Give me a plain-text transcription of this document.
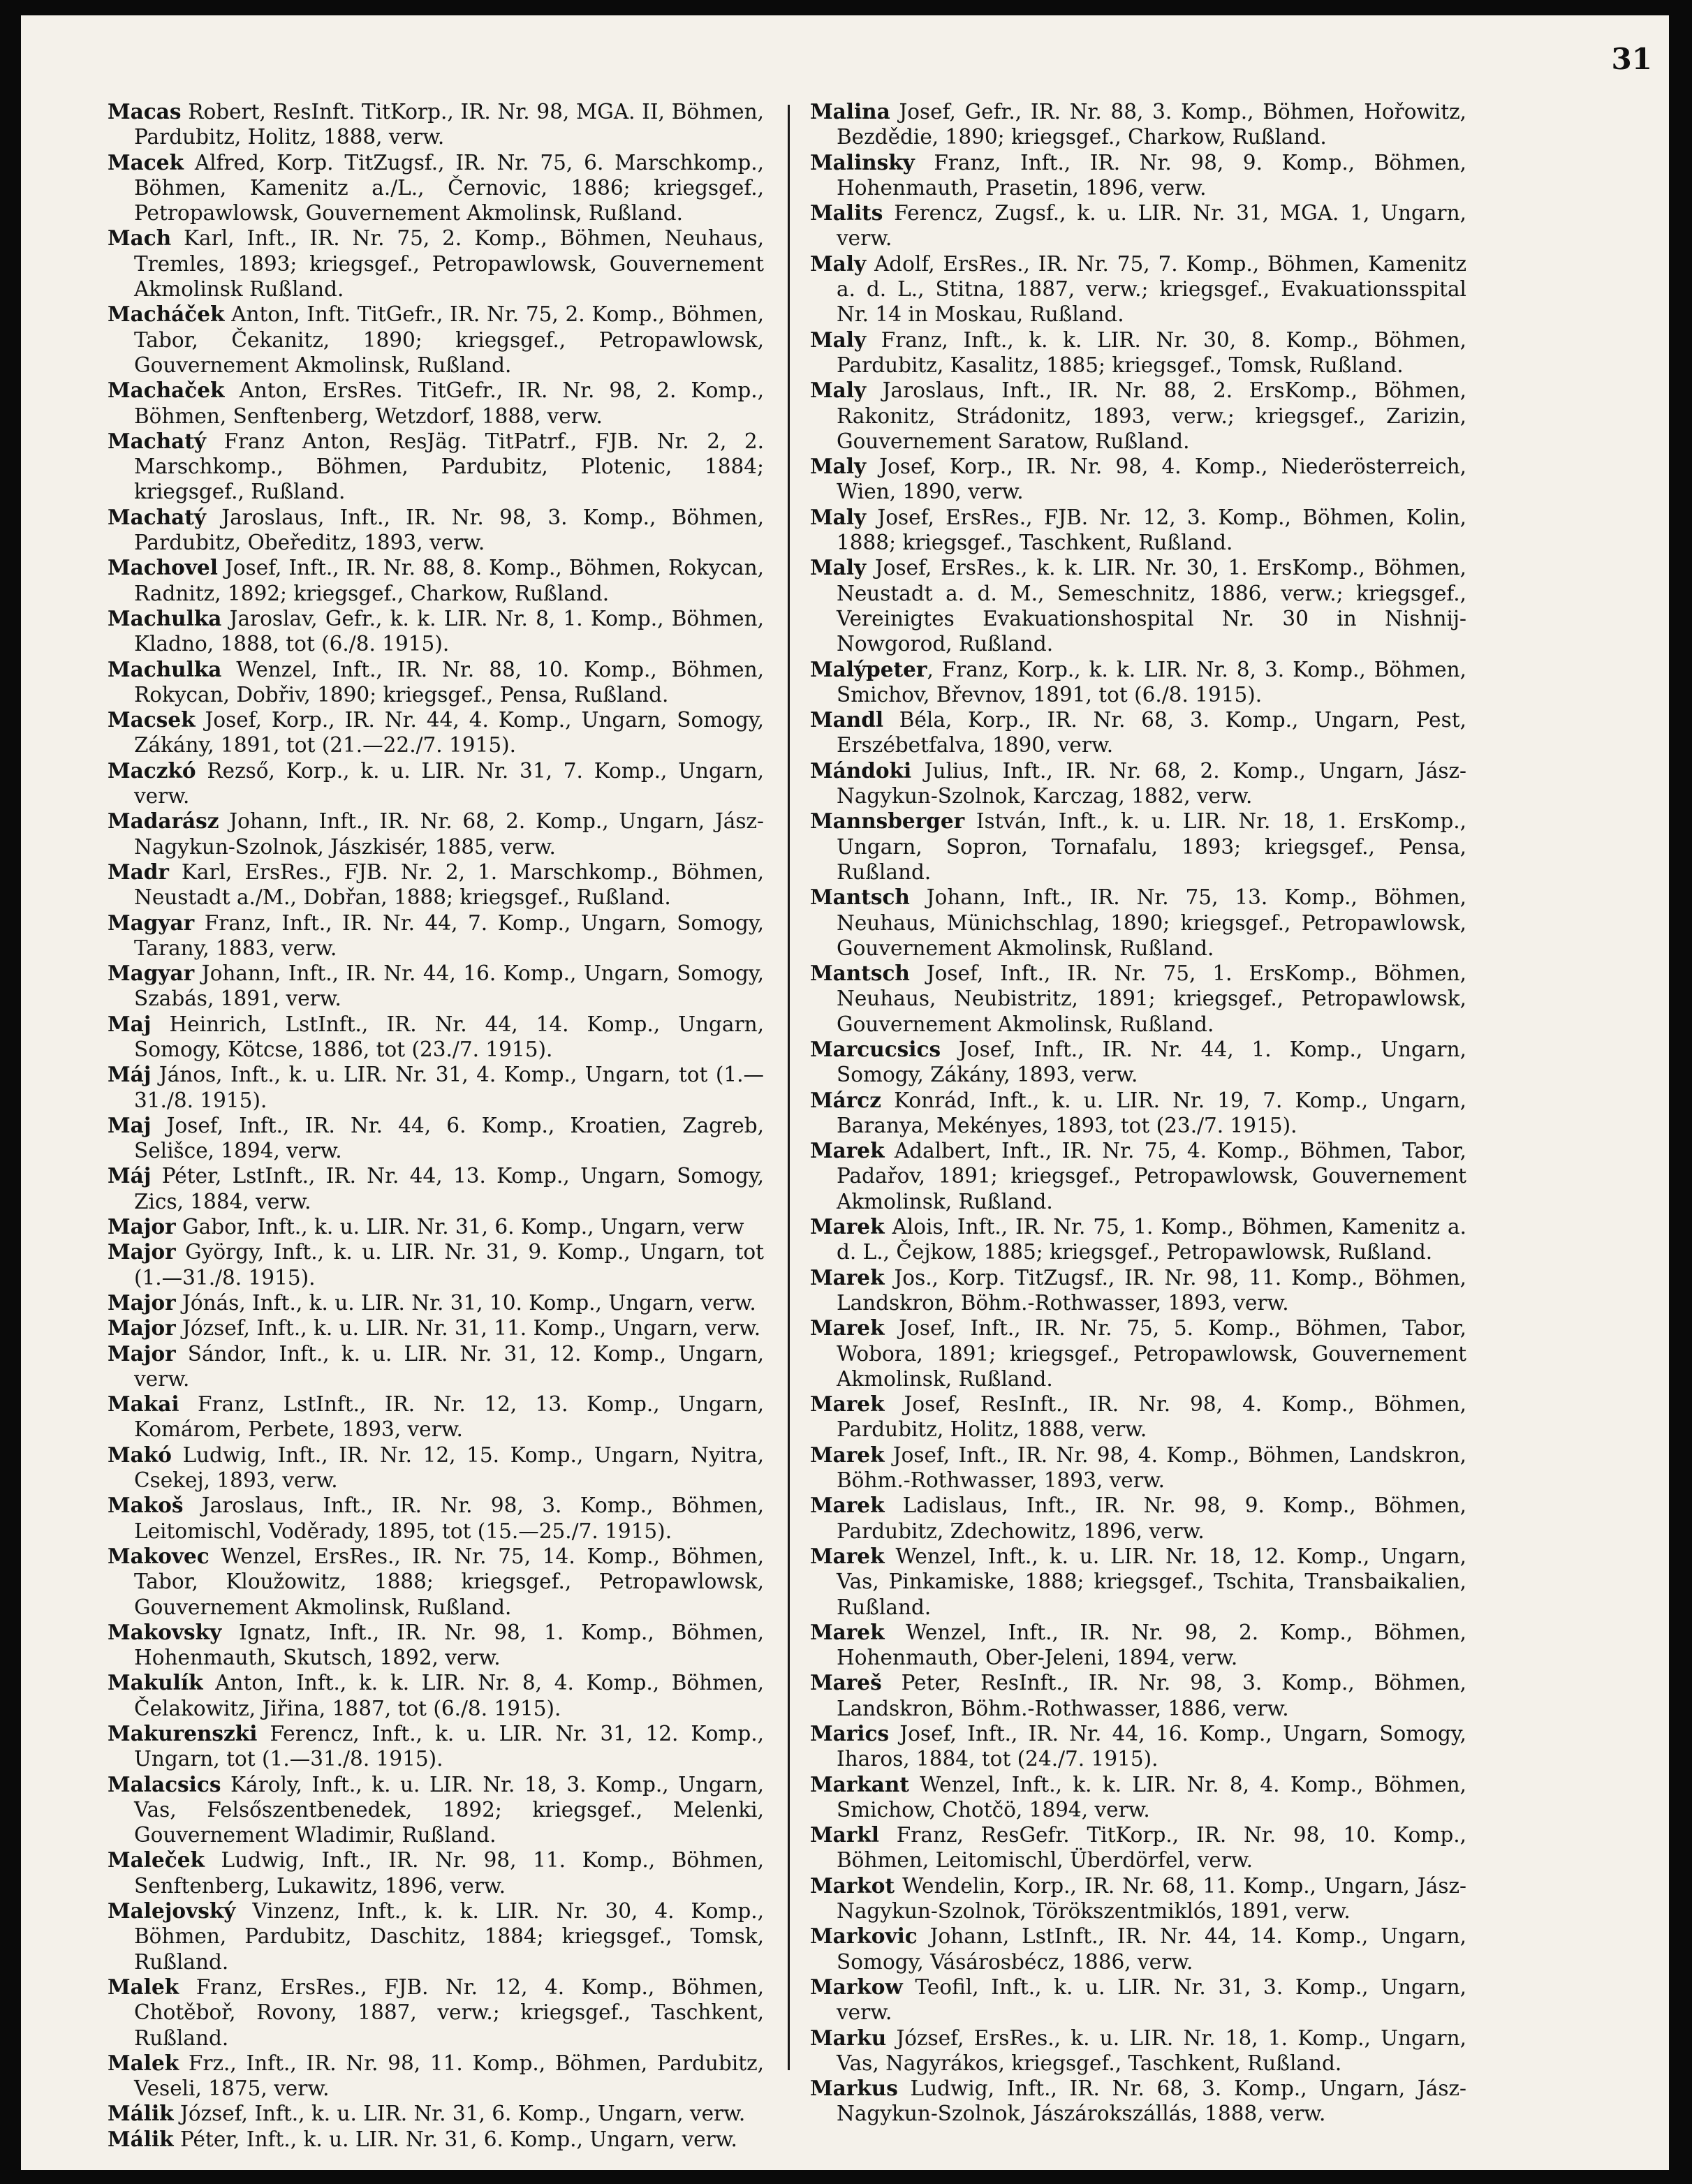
31

Macas Robert, ResInft. TitKorp., IR. Nr. 98, MGA. II, Böhmen, Pardubitz, Holitz, 1888, verw.

Macek Alfred, Korp. TitZugsf., IR. Nr. 75, 6. Marschkomp., Böhmen, Kamenitz a./L., Černovic, 1886; kriegsgef., Petropawlowsk, Gouvernement Akmolinsk, Rußland.

Mach Karl, Inft., IR. Nr. 75, 2. Komp., Böhmen, Neuhaus, Tremles, 1893; kriegsgef., Petropawlowsk, Gouvernement Akmolinsk Rußland.

Macháček Anton, Inft. TitGefr., IR. Nr. 75, 2. Komp., Böhmen, Tabor, Čekanitz, 1890; kriegsgef., Petropawlowsk, Gouvernement Akmolinsk, Rußland.

Machaček Anton, ErsRes. TitGefr., IR. Nr. 98, 2. Komp., Böhmen, Senftenberg, Wetzdorf, 1888, verw.

Machatý Franz Anton, ResJäg. TitPatrf., FJB. Nr. 2, 2. Marschkomp., Böhmen, Pardubitz, Plotenic, 1884; kriegsgef., Rußland.

Machatý Jaroslaus, Inft., IR. Nr. 98, 3. Komp., Böhmen, Pardubitz, Obeředitz, 1893, verw.

Machovel Josef, Inft., IR. Nr. 88, 8. Komp., Böhmen, Rokycan, Radnitz, 1892; kriegsgef., Charkow, Rußland.

Machulka Jaroslav, Gefr., k. k. LIR. Nr. 8, 1. Komp., Böhmen, Kladno, 1888, tot (6./8. 1915).

Machulka Wenzel, Inft., IR. Nr. 88, 10. Komp., Böhmen, Rokycan, Dobřiv, 1890; kriegsgef., Pensa, Rußland.

Macsek Josef, Korp., IR. Nr. 44, 4. Komp., Ungarn, Somogy, Zákány, 1891, tot (21.—22./7. 1915).

Maczkó Rezső, Korp., k. u. LIR. Nr. 31, 7. Komp., Ungarn, verw.

Madarász Johann, Inft., IR. Nr. 68, 2. Komp., Ungarn, Jász-Nagykun-Szolnok, Jászkisér, 1885, verw.

Madr Karl, ErsRes., FJB. Nr. 2, 1. Marschkomp., Böhmen, Neustadt a./M., Dobřan, 1888; kriegsgef., Rußland.

Magyar Franz, Inft., IR. Nr. 44, 7. Komp., Ungarn, Somogy, Tarany, 1883, verw.

Magyar Johann, Inft., IR. Nr. 44, 16. Komp., Ungarn, Somogy, Szabás, 1891, verw.

Maj Heinrich, LstInft., IR. Nr. 44, 14. Komp., Ungarn, Somogy, Kötcse, 1886, tot (23./7. 1915).

Máj János, Inft., k. u. LIR. Nr. 31, 4. Komp., Ungarn, tot (1.—31./8. 1915).

Maj Josef, Inft., IR. Nr. 44, 6. Komp., Kroatien, Zagreb, Selišce, 1894, verw.

Máj Péter, LstInft., IR. Nr. 44, 13. Komp., Ungarn, Somogy, Zics, 1884, verw.

Major Gabor, Inft., k. u. LIR. Nr. 31, 6. Komp., Ungarn, verw

Major György, Inft., k. u. LIR. Nr. 31, 9. Komp., Ungarn, tot (1.—31./8. 1915).

Major Jónás, Inft., k. u. LIR. Nr. 31, 10. Komp., Ungarn, verw.

Major József, Inft., k. u. LIR. Nr. 31, 11. Komp., Ungarn, verw.

Major Sándor, Inft., k. u. LIR. Nr. 31, 12. Komp., Ungarn, verw.

Makai Franz, LstInft., IR. Nr. 12, 13. Komp., Ungarn, Komárom, Perbete, 1893, verw.

Makó Ludwig, Inft., IR. Nr. 12, 15. Komp., Ungarn, Nyitra, Csekej, 1893, verw.

Makoš Jaroslaus, Inft., IR. Nr. 98, 3. Komp., Böhmen, Leitomischl, Voděrady, 1895, tot (15.—25./7. 1915).

Makovec Wenzel, ErsRes., IR. Nr. 75, 14. Komp., Böhmen, Tabor, Kloužowitz, 1888; kriegsgef., Petropawlowsk, Gouvernement Akmolinsk, Rußland.

Makovsky Ignatz, Inft., IR. Nr. 98, 1. Komp., Böhmen, Hohenmauth, Skutsch, 1892, verw.

Makulík Anton, Inft., k. k. LIR. Nr. 8, 4. Komp., Böhmen, Čelakowitz, Jiřina, 1887, tot (6./8. 1915).

Makurenszki Ferencz, Inft., k. u. LIR. Nr. 31, 12. Komp., Ungarn, tot (1.—31./8. 1915).

Malacsics Károly, Inft., k. u. LIR. Nr. 18, 3. Komp., Ungarn, Vas, Felsőszentbenedek, 1892; kriegsgef., Melenki, Gouvernement Wladimir, Rußland.

Maleček Ludwig, Inft., IR. Nr. 98, 11. Komp., Böhmen, Senftenberg, Lukawitz, 1896, verw.

Malejovský Vinzenz, Inft., k. k. LIR. Nr. 30, 4. Komp., Böhmen, Pardubitz, Daschitz, 1884; kriegsgef., Tomsk, Rußland.

Malek Franz, ErsRes., FJB. Nr. 12, 4. Komp., Böhmen, Chotěboř, Rovony, 1887, verw.; kriegsgef., Taschkent, Rußland.

Malek Frz., Inft., IR. Nr. 98, 11. Komp., Böhmen, Pardubitz, Veseli, 1875, verw.

Málik József, Inft., k. u. LIR. Nr. 31, 6. Komp., Ungarn, verw.

Málik Péter, Inft., k. u. LIR. Nr. 31, 6. Komp., Ungarn, verw.

Malina Josef, Gefr., IR. Nr. 88, 3. Komp., Böhmen, Hořowitz, Bezdědie, 1890; kriegsgef., Charkow, Rußland.

Malinsky Franz, Inft., IR. Nr. 98, 9. Komp., Böhmen, Hohenmauth, Prasetin, 1896, verw.

Malits Ferencz, Zugsf., k. u. LIR. Nr. 31, MGA. 1, Ungarn, verw.

Maly Adolf, ErsRes., IR. Nr. 75, 7. Komp., Böhmen, Kamenitz a. d. L., Stitna, 1887, verw.; kriegsgef., Evakuationsspital Nr. 14 in Moskau, Rußland.

Maly Franz, Inft., k. k. LIR. Nr. 30, 8. Komp., Böhmen, Pardubitz, Kasalitz, 1885; kriegsgef., Tomsk, Rußland.

Maly Jaroslaus, Inft., IR. Nr. 88, 2. ErsKomp., Böhmen, Rakonitz, Strádonitz, 1893, verw.; kriegsgef., Zarizin, Gouvernement Saratow, Rußland.

Maly Josef, Korp., IR. Nr. 98, 4. Komp., Niederösterreich, Wien, 1890, verw.

Maly Josef, ErsRes., FJB. Nr. 12, 3. Komp., Böhmen, Kolin, 1888; kriegsgef., Taschkent, Rußland.

Maly Josef, ErsRes., k. k. LIR. Nr. 30, 1. ErsKomp., Böhmen, Neustadt a. d. M., Semeschnitz, 1886, verw.; kriegsgef., Vereinigtes Evakuationshospital Nr. 30 in Nishnij-Nowgorod, Rußland.

Malýpeter, Franz, Korp., k. k. LIR. Nr. 8, 3. Komp., Böhmen, Smichov, Břevnov, 1891, tot (6./8. 1915).

Mandl Béla, Korp., IR. Nr. 68, 3. Komp., Ungarn, Pest, Erszébetfalva, 1890, verw.

Mándoki Julius, Inft., IR. Nr. 68, 2. Komp., Ungarn, Jász-Nagykun-Szolnok, Karczag, 1882, verw.

Mannsberger István, Inft., k. u. LIR. Nr. 18, 1. ErsKomp., Ungarn, Sopron, Tornafalu, 1893; kriegsgef., Pensa, Rußland.

Mantsch Johann, Inft., IR. Nr. 75, 13. Komp., Böhmen, Neuhaus, Münichschlag, 1890; kriegsgef., Petropawlowsk, Gouvernement Akmolinsk, Rußland.

Mantsch Josef, Inft., IR. Nr. 75, 1. ErsKomp., Böhmen, Neuhaus, Neubistritz, 1891; kriegsgef., Petropawlowsk, Gouvernement Akmolinsk, Rußland.

Marcucsics Josef, Inft., IR. Nr. 44, 1. Komp., Ungarn, Somogy, Zákány, 1893, verw.

Márcz Konrád, Inft., k. u. LIR. Nr. 19, 7. Komp., Ungarn, Baranya, Mekényes, 1893, tot (23./7. 1915).

Marek Adalbert, Inft., IR. Nr. 75, 4. Komp., Böhmen, Tabor, Padařov, 1891; kriegsgef., Petropawlowsk, Gouvernement Akmolinsk, Rußland.

Marek Alois, Inft., IR. Nr. 75, 1. Komp., Böhmen, Kamenitz a. d. L., Čejkow, 1885; kriegsgef., Petropawlowsk, Rußland.

Marek Jos., Korp. TitZugsf., IR. Nr. 98, 11. Komp., Böhmen, Landskron, Böhm.-Rothwasser, 1893, verw.

Marek Josef, Inft., IR. Nr. 75, 5. Komp., Böhmen, Tabor, Wobora, 1891; kriegsgef., Petropawlowsk, Gouvernement Akmolinsk, Rußland.

Marek Josef, ResInft., IR. Nr. 98, 4. Komp., Böhmen, Pardubitz, Holitz, 1888, verw.

Marek Josef, Inft., IR. Nr. 98, 4. Komp., Böhmen, Landskron, Böhm.-Rothwasser, 1893, verw.

Marek Ladislaus, Inft., IR. Nr. 98, 9. Komp., Böhmen, Pardubitz, Zdechowitz, 1896, verw.

Marek Wenzel, Inft., k. u. LIR. Nr. 18, 12. Komp., Ungarn, Vas, Pinkamiske, 1888; kriegsgef., Tschita, Transbaikalien, Rußland.

Marek Wenzel, Inft., IR. Nr. 98, 2. Komp., Böhmen, Hohenmauth, Ober-Jeleni, 1894, verw.

Mareš Peter, ResInft., IR. Nr. 98, 3. Komp., Böhmen, Landskron, Böhm.-Rothwasser, 1886, verw.

Marics Josef, Inft., IR. Nr. 44, 16. Komp., Ungarn, Somogy, Iharos, 1884, tot (24./7. 1915).

Markant Wenzel, Inft., k. k. LIR. Nr. 8, 4. Komp., Böhmen, Smichow, Chotčö, 1894, verw.

Markl Franz, ResGefr. TitKorp., IR. Nr. 98, 10. Komp., Böhmen, Leitomischl, Überdörfel, verw.

Markot Wendelin, Korp., IR. Nr. 68, 11. Komp., Ungarn, Jász-Nagykun-Szolnok, Törökszentmiklós, 1891, verw.

Markovic Johann, LstInft., IR. Nr. 44, 14. Komp., Ungarn, Somogy, Vásárosbécz, 1886, verw.

Markow Teofil, Inft., k. u. LIR. Nr. 31, 3. Komp., Ungarn, verw.

Marku József, ErsRes., k. u. LIR. Nr. 18, 1. Komp., Ungarn, Vas, Nagyrákos, kriegsgef., Taschkent, Rußland.

Markus Ludwig, Inft., IR. Nr. 68, 3. Komp., Ungarn, Jász-Nagykun-Szolnok, Jászárokszállás, 1888, verw.
